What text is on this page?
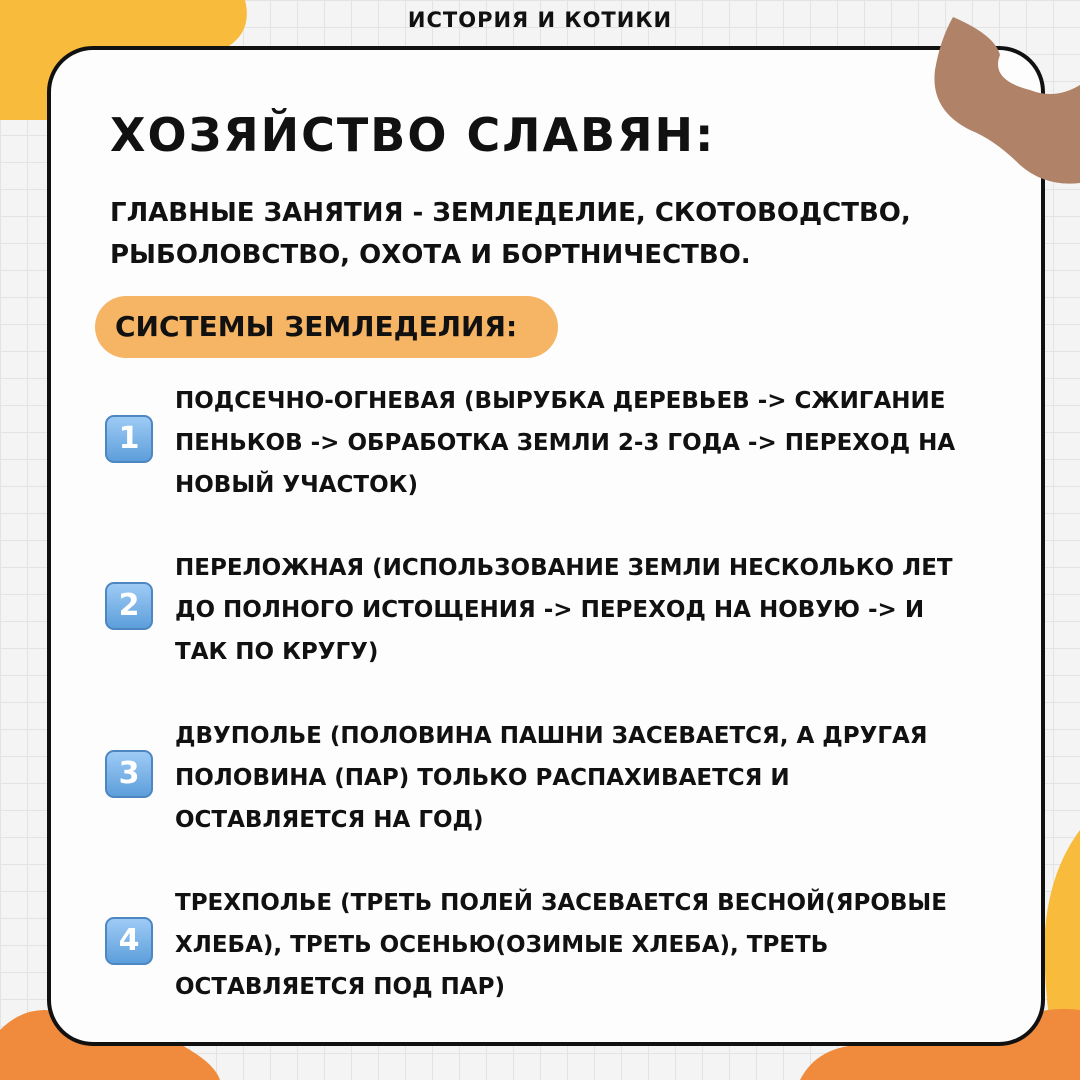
ИСТОРИЯ И КОТИКИ
ХОЗЯЙСТВО СЛАВЯН:

ГЛАВНЫЕ ЗАНЯТИЯ - ЗЕМЛЕДЕЛИЕ, СКОТОВОДСТВО, РЫБОЛОВСТВО, ОХОТА И БОРТНИЧЕСТВО.

СИСТЕМЫ ЗЕМЛЕДЕЛИЯ:
1

ПОДСЕЧНО-ОГНЕВАЯ (ВЫРУБКА ДЕРЕВЬЕВ -> СЖИГАНИЕ ПЕНЬКОВ -> ОБРАБОТКА ЗЕМЛИ 2-3 ГОДА -> ПЕРЕХОД НА НОВЫЙ УЧАСТОК)

2

ПЕРЕЛОЖНАЯ (ИСПОЛЬЗОВАНИЕ ЗЕМЛИ НЕСКОЛЬКО ЛЕТ ДО ПОЛНОГО ИСТОЩЕНИЯ -> ПЕРЕХОД НА НОВУЮ -> И ТАК ПО КРУГУ)

3

ДВУПОЛЬЕ (ПОЛОВИНА ПАШНИ ЗАСЕВАЕТСЯ, А ДРУГАЯ ПОЛОВИНА (ПАР) ТОЛЬКО РАСПАХИВАЕТСЯ И ОСТАВЛЯЕТСЯ НА ГОД)

4

ТРЕХПОЛЬЕ (ТРЕТЬ ПОЛЕЙ ЗАСЕВАЕТСЯ ВЕСНОЙ(ЯРОВЫЕ ХЛЕБА), ТРЕТЬ ОСЕНЬЮ(ОЗИМЫЕ ХЛЕБА), ТРЕТЬ ОСТАВЛЯЕТСЯ ПОД ПАР)
